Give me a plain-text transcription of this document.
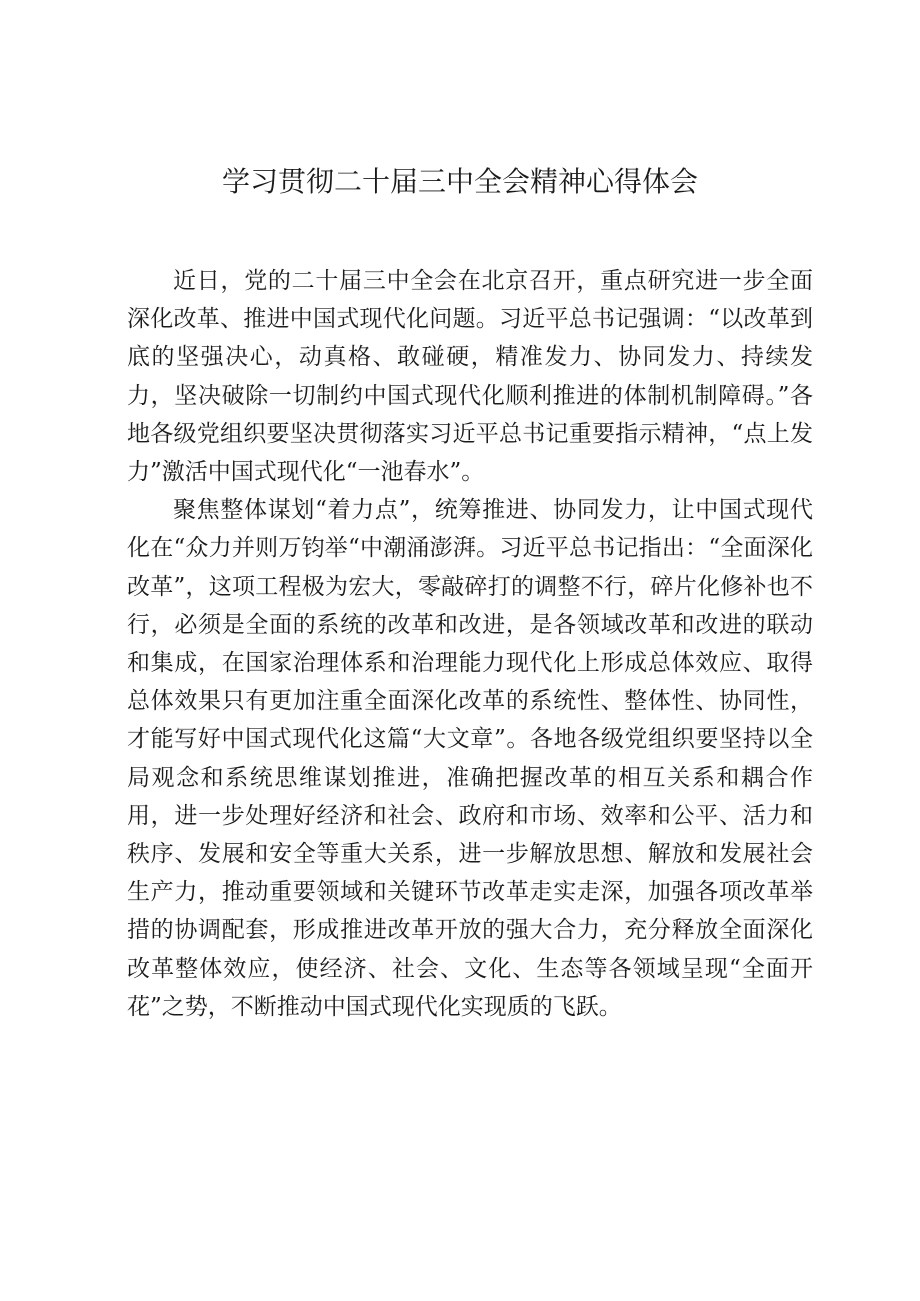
学习贯彻二十届三中全会精神心得体会

近日，党的二十届三中全会在北京召开，重点研究进一步全面深化改革、推进中国式现代化问题。习近平总书记强调：“以改革到底的坚强决心，动真格、敢碰硬，精准发力、协同发力、持续发力，坚决破除一切制约中国式现代化顺利推进的体制机制障碍。”各地各级党组织要坚决贯彻落实习近平总书记重要指示精神，“点上发力”激活中国式现代化“一池春水”。

聚焦整体谋划“着力点”，统筹推进、协同发力，让中国式现代化在“众力并则万钧举“中潮涌澎湃。习近平总书记指出：“全面深化改革”，这项工程极为宏大，零敲碎打的调整不行，碎片化修补也不行，必须是全面的系统的改革和改进，是各领域改革和改进的联动和集成，在国家治理体系和治理能力现代化上形成总体效应、取得总体效果只有更加注重全面深化改革的系统性、整体性、协同性，才能写好中国式现代化这篇“大文章”。各地各级党组织要坚持以全局观念和系统思维谋划推进，准确把握改革的相互关系和耦合作用，进一步处理好经济和社会、政府和市场、效率和公平、活力和秩序、发展和安全等重大关系，进一步解放思想、解放和发展社会生产力，推动重要领域和关键环节改革走实走深，加强各项改革举措的协调配套，形成推进改革开放的强大合力，充分释放全面深化改革整体效应，使经济、社会、文化、生态等各领域呈现“全面开花”之势，不断推动中国式现代化实现质的飞跃。
